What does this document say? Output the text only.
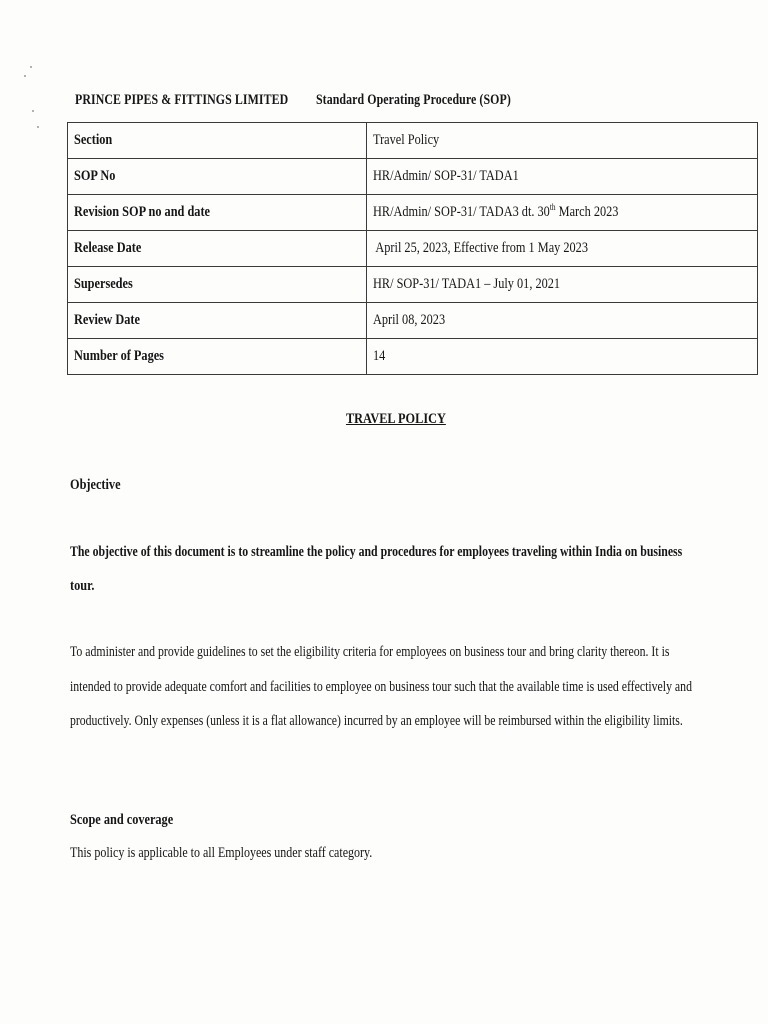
PRINCE PIPES & FITTINGS LIMITED Standard Operating Procedure (SOP)
Section	Travel Policy
SOP No	HR/Admin/ SOP-31/ TADA1
Revision SOP no and date	HR/Admin/ SOP-31/ TADA3 dt. 30th March 2023
Release Date	April 25, 2023, Effective from 1 May 2023
Supersedes	HR/ SOP-31/ TADA1 – July 01, 2021
Review Date	April 08, 2023
Number of Pages	14
TRAVEL POLICY
Objective
The objective of this document is to streamline the policy and procedures for employees traveling within India on business
tour.
To administer and provide guidelines to set the eligibility criteria for employees on business tour and bring clarity thereon. It is
intended to provide adequate comfort and facilities to employee on business tour such that the available time is used effectively and
productively. Only expenses (unless it is a flat allowance) incurred by an employee will be reimbursed within the eligibility limits.
Scope and coverage
This policy is applicable to all Employees under staff category.
